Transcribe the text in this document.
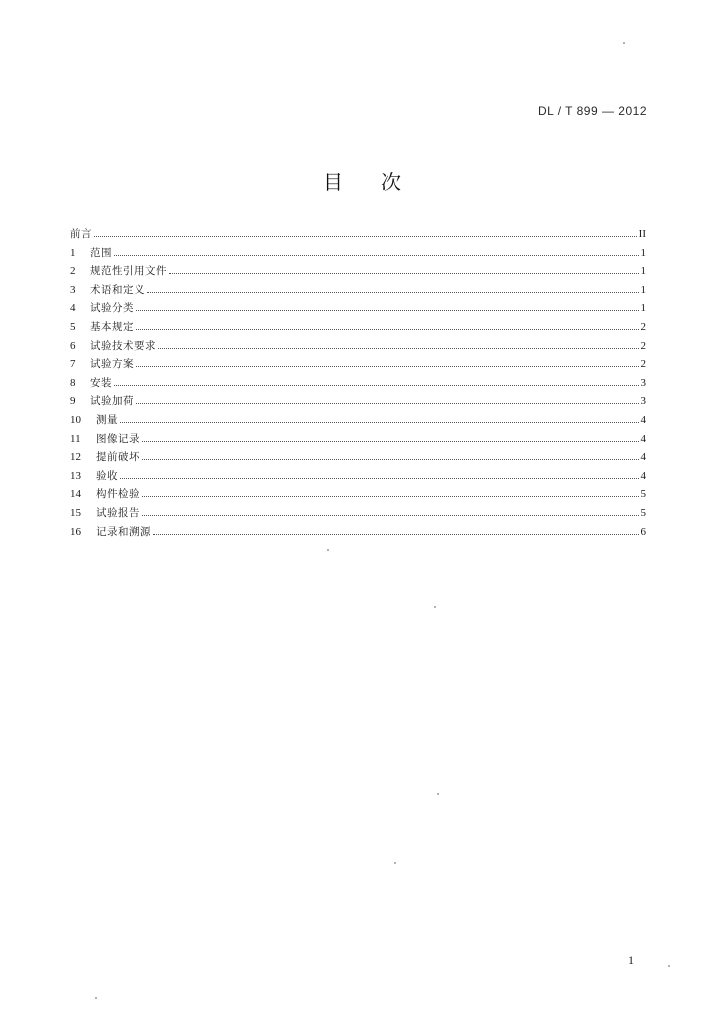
DL / T 899 — 2012
目次
前言	II
1	范围	1
2	规范性引用文件	1
3	术语和定义	1
4	试验分类	1
5	基本规定	2
6	试验技术要求	2
7	试验方案	2
8	安装	3
9	试验加荷	3
10	测量	4
11	图像记录	4
12	提前破坏	4
13	验收	4
14	构件检验	5
15	试验报告	5
16	记录和溯源	6
1
